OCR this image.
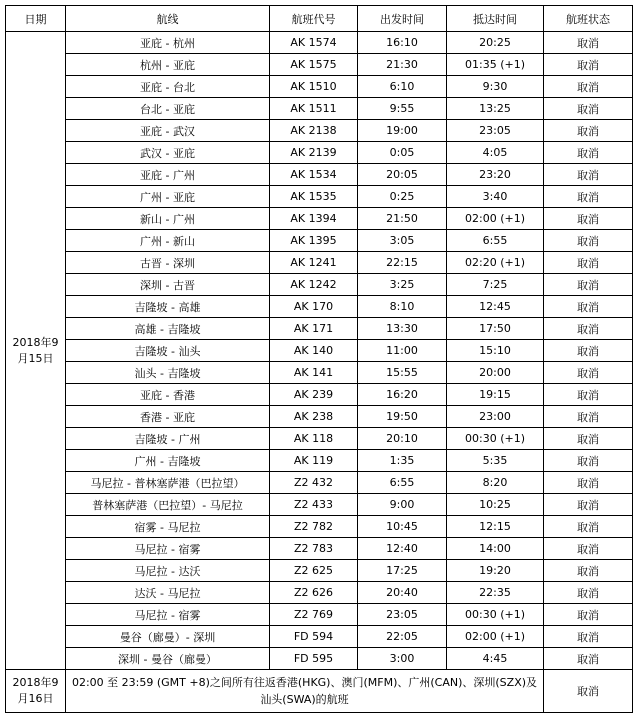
日期	航线	航班代号	出发时间	抵达时间	航班状态
2018年9月15日	亚庇 - 杭州	AK 1574	16:10	20:25	取消
	杭州 - 亚庇	AK 1575	21:30	01:35 (+1)	取消
	亚庇 - 台北	AK 1510	6:10	9:30	取消
	台北 - 亚庇	AK 1511	9:55	13:25	取消
	亚庇 - 武汉	AK 2138	19:00	23:05	取消
	武汉 - 亚庇	AK 2139	0:05	4:05	取消
	亚庇 - 广州	AK 1534	20:05	23:20	取消
	广州 - 亚庇	AK 1535	0:25	3:40	取消
	新山 - 广州	AK 1394	21:50	02:00 (+1)	取消
	广州 - 新山	AK 1395	3:05	6:55	取消
	古晋 - 深圳	AK 1241	22:15	02:20 (+1)	取消
	深圳 - 古晋	AK 1242	3:25	7:25	取消
	吉隆坡 - 高雄	AK 170	8:10	12:45	取消
	高雄 - 吉隆坡	AK 171	13:30	17:50	取消
	吉隆坡 - 汕头	AK 140	11:00	15:10	取消
	汕头 - 吉隆坡	AK 141	15:55	20:00	取消
	亚庇 - 香港	AK 239	16:20	19:15	取消
	香港 - 亚庇	AK 238	19:50	23:00	取消
	吉隆坡 - 广州	AK 118	20:10	00:30 (+1)	取消
	广州 - 吉隆坡	AK 119	1:35	5:35	取消
	马尼拉 - 普林塞萨港（巴拉望）	Z2 432	6:55	8:20	取消
	普林塞萨港（巴拉望）- 马尼拉	Z2 433	9:00	10:25	取消
	宿雾 - 马尼拉	Z2 782	10:45	12:15	取消
	马尼拉 - 宿雾	Z2 783	12:40	14:00	取消
	马尼拉 - 达沃	Z2 625	17:25	19:20	取消
	达沃 - 马尼拉	Z2 626	20:40	22:35	取消
	马尼拉 - 宿雾	Z2 769	23:05	00:30 (+1)	取消
	曼谷（廊曼）- 深圳	FD 594	22:05	02:00 (+1)	取消
	深圳 - 曼谷（廊曼）	FD 595	3:00	4:45	取消
2018年9月16日	02:00 至 23:59 (GMT +8)之间所有往返香港(HKG)、澳门(MFM)、广州(CAN)、深圳(SZX)及汕头(SWA)的航班				取消
